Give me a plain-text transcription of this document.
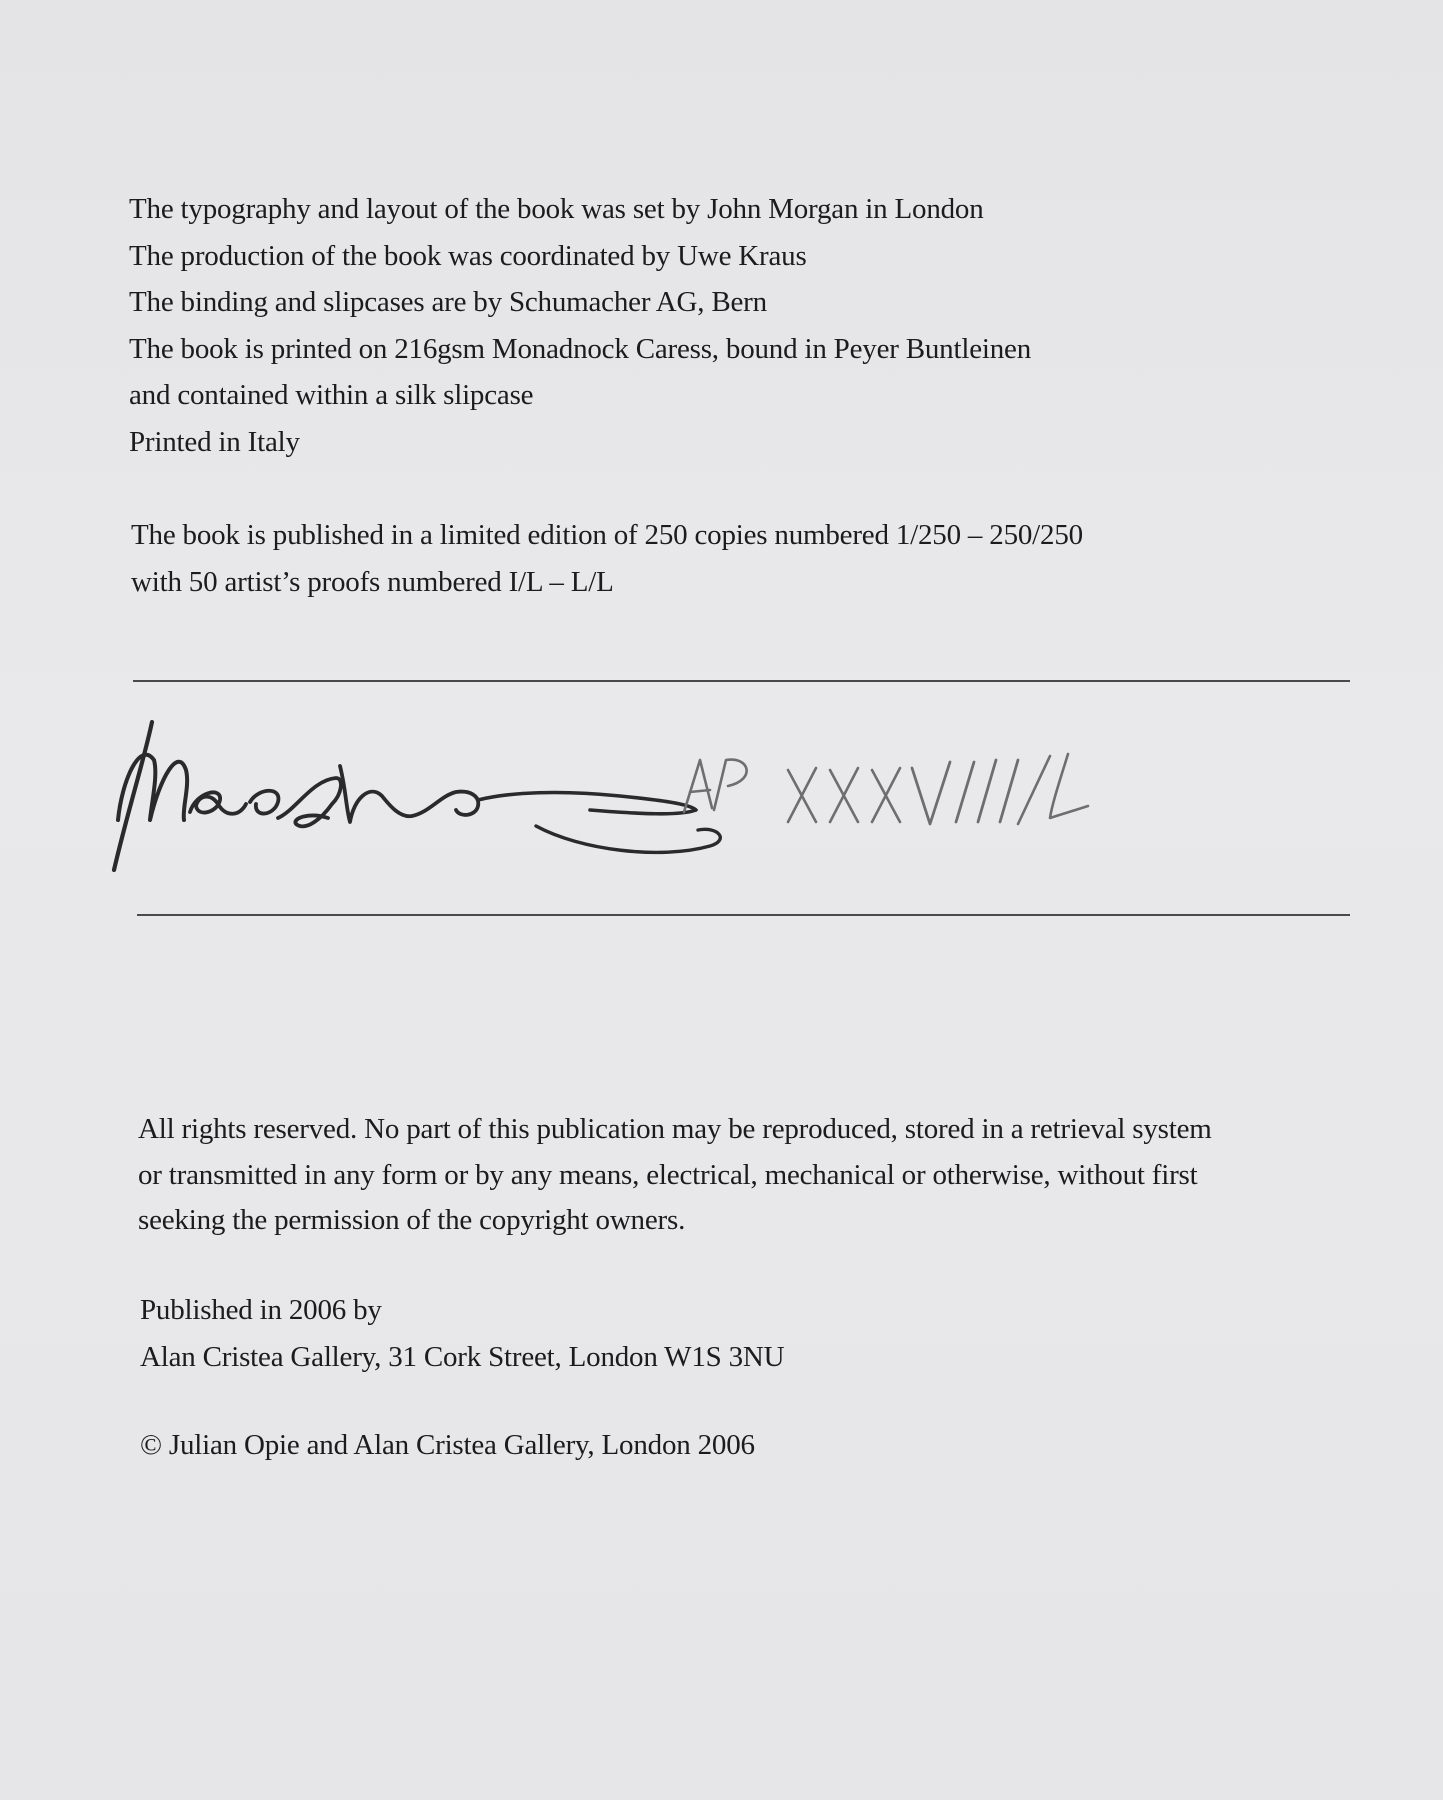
The typography and layout of the book was set by John Morgan in London
The production of the book was coordinated by Uwe Kraus
The binding and slipcases are by Schumacher AG, Bern
The book is printed on 216gsm Monadnock Caress, bound in Peyer Buntleinen
and contained within a silk slipcase
Printed in Italy
The book is published in a limited edition of 250 copies numbered 1/250 – 250/250
with 50 artist’s proofs numbered I/L – L/L
All rights reserved. No part of this publication may be reproduced, stored in a retrieval system
or transmitted in any form or by any means, electrical, mechanical or otherwise, without first
seeking the permission of the copyright owners.
Published in 2006 by
Alan Cristea Gallery, 31 Cork Street, London W1S 3NU
© Julian Opie and Alan Cristea Gallery, London 2006
